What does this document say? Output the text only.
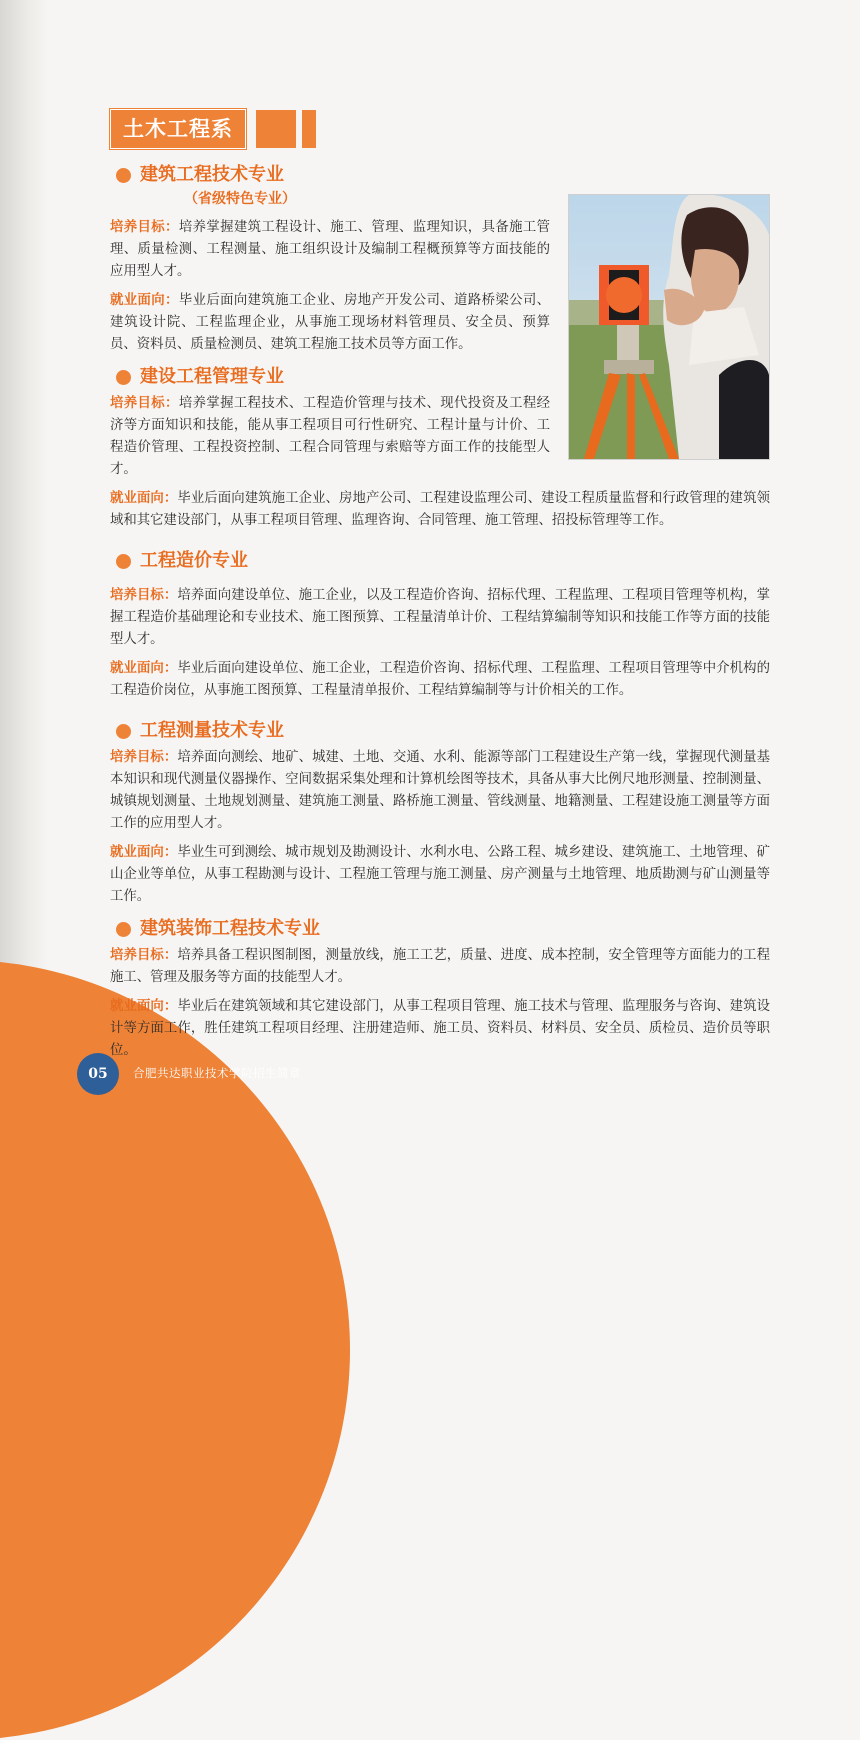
土木工程系
建筑工程技术专业
（省级特色专业）

培养目标：培养掌握建筑工程设计、施工、管理、监理知识，具备施工管理、质量检测、工程测量、施工组织设计及编制工程概预算等方面技能的应用型人才。

就业面向：毕业后面向建筑施工企业、房地产开发公司、道路桥梁公司、建筑设计院、工程监理企业，从事施工现场材料管理员、安全员、预算员、资料员、质量检测员、建筑工程施工技术员等方面工作。

建设工程管理专业

培养目标：培养掌握工程技术、工程造价管理与技术、现代投资及工程经济等方面知识和技能，能从事工程项目可行性研究、工程计量与计价、工程造价管理、工程投资控制、工程合同管理与索赔等方面工作的技能型人才。

就业面向：毕业后面向建筑施工企业、房地产公司、工程建设监理公司、建设工程质量监督和行政管理的建筑领域和其它建设部门，从事工程项目管理、监理咨询、合同管理、施工管理、招投标管理等工作。

工程造价专业

培养目标：培养面向建设单位、施工企业，以及工程造价咨询、招标代理、工程监理、工程项目管理等机构，掌握工程造价基础理论和专业技术、施工图预算、工程量清单计价、工程结算编制等知识和技能工作等方面的技能型人才。

就业面向：毕业后面向建设单位、施工企业，工程造价咨询、招标代理、工程监理、工程项目管理等中介机构的工程造价岗位，从事施工图预算、工程量清单报价、工程结算编制等与计价相关的工作。

工程测量技术专业

培养目标：培养面向测绘、地矿、城建、土地、交通、水利、能源等部门工程建设生产第一线，掌握现代测量基本知识和现代测量仪器操作、空间数据采集处理和计算机绘图等技术，具备从事大比例尺地形测量、控制测量、城镇规划测量、土地规划测量、建筑施工测量、路桥施工测量、管线测量、地籍测量、工程建设施工测量等方面工作的应用型人才。

就业面向：毕业生可到测绘、城市规划及勘测设计、水利水电、公路工程、城乡建设、建筑施工、土地管理、矿山企业等单位，从事工程勘测与设计、工程施工管理与施工测量、房产测量与土地管理、地质勘测与矿山测量等工作。

建筑装饰工程技术专业

培养目标：培养具备工程识图制图，测量放线，施工工艺，质量、进度、成本控制，安全管理等方面能力的工程施工、管理及服务等方面的技能型人才。

就业面向：毕业后在建筑领域和其它建设部门，从事工程项目管理、施工技术与管理、监理服务与咨询、建筑设计等方面工作，胜任建筑工程项目经理、注册建造师、施工员、资料员、材料员、安全员、质检员、造价员等职位。

05	合肥共达职业技术学院招生简章
